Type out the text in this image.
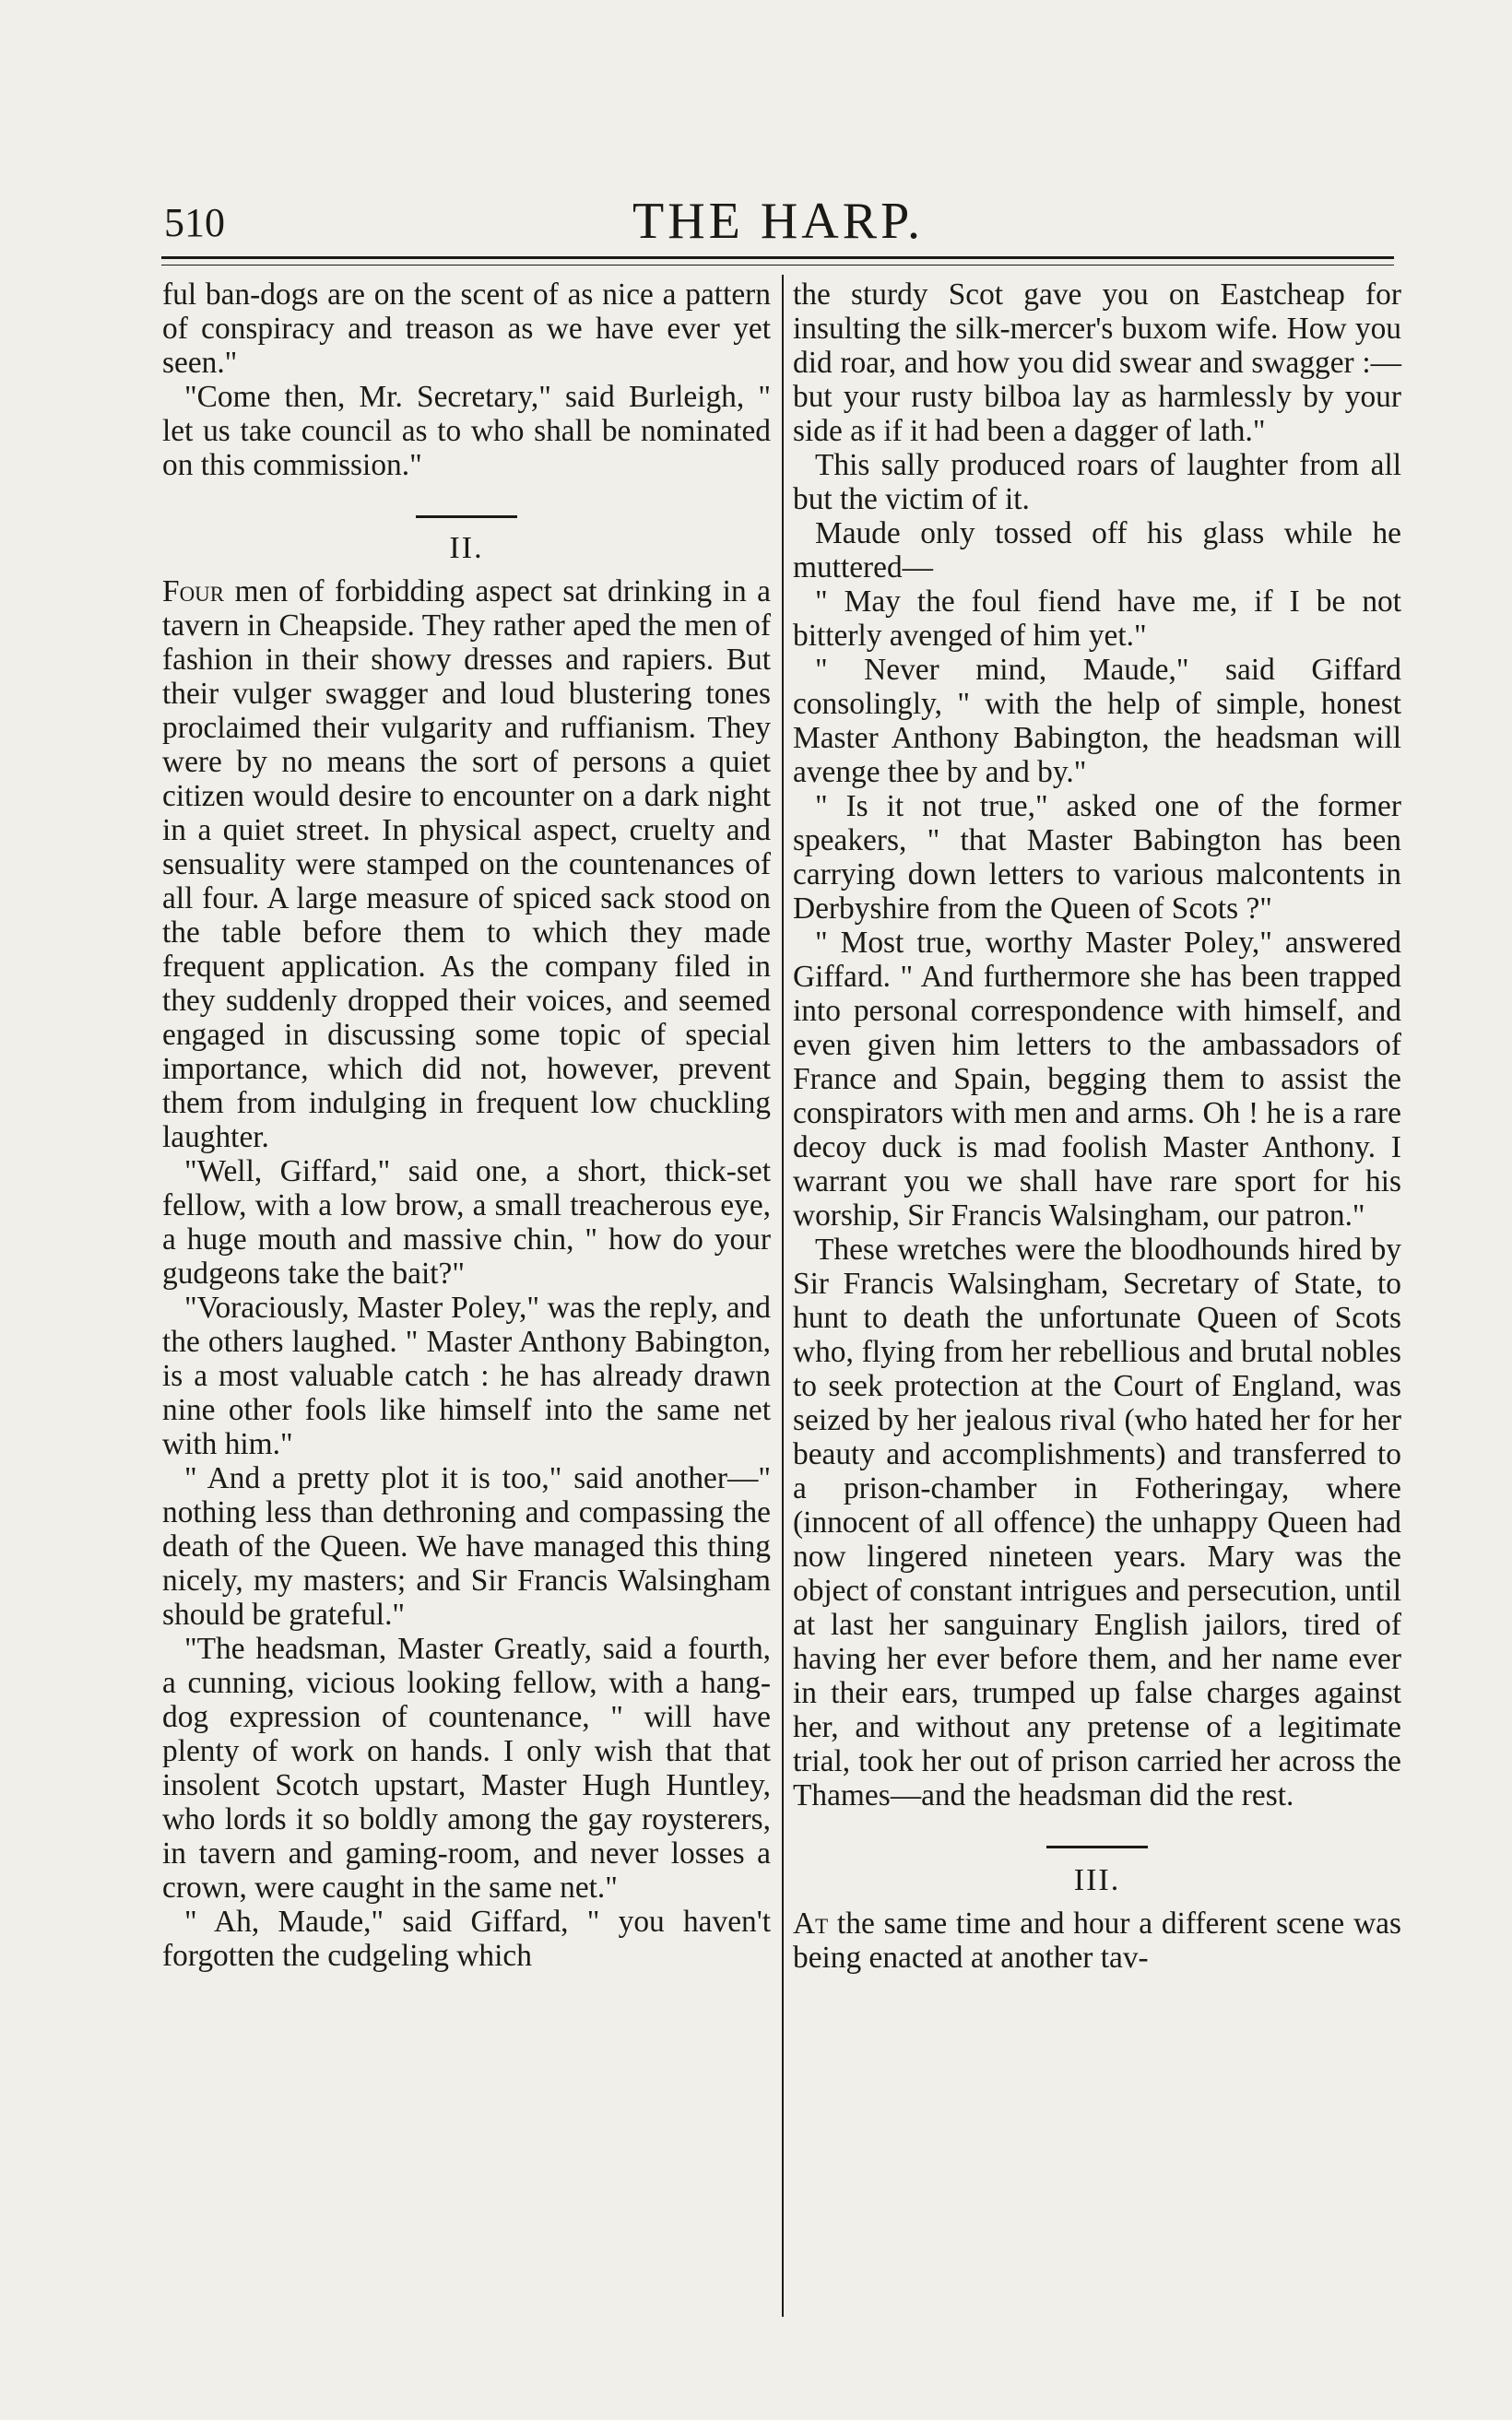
510	THE HARP.

ful ban-dogs are on the scent of as nice a pattern of conspiracy and treason as we have ever yet seen."

"Come then, Mr. Secretary," said Burleigh, " let us take council as to who shall be nominated on this commission."

II.

Four men of forbidding aspect sat drinking in a tavern in Cheapside. They rather aped the men of fashion in their showy dresses and rapiers. But their vulger swagger and loud blustering tones proclaimed their vulgarity and ruffianism. They were by no means the sort of persons a quiet citizen would desire to encounter on a dark night in a quiet street. In physical aspect, cruelty and sensuality were stamped on the countenances of all four. A large measure of spiced sack stood on the table before them to which they made frequent application. As the company filed in they suddenly dropped their voices, and seemed engaged in discussing some topic of special importance, which did not, however, prevent them from indulging in frequent low chuckling laughter.

"Well, Giffard," said one, a short, thick-set fellow, with a low brow, a small treacherous eye, a huge mouth and massive chin, " how do your gudgeons take the bait?"

"Voraciously, Master Poley," was the reply, and the others laughed. " Master Anthony Babington, is a most valuable catch : he has already drawn nine other fools like himself into the same net with him."

" And a pretty plot it is too," said another—" nothing less than dethroning and compassing the death of the Queen. We have managed this thing nicely, my masters; and Sir Francis Walsingham should be grateful."

"The headsman, Master Greatly, said a fourth, a cunning, vicious looking fellow, with a hang-dog expression of countenance, " will have plenty of work on hands. I only wish that that insolent Scotch upstart, Master Hugh Huntley, who lords it so boldly among the gay roysterers, in tavern and gaming-room, and never losses a crown, were caught in the same net."

" Ah, Maude," said Giffard, " you haven't forgotten the cudgeling which

the sturdy Scot gave you on Eastcheap for insulting the silk-mercer's buxom wife. How you did roar, and how you did swear and swagger :—but your rusty bilboa lay as harmlessly by your side as if it had been a dagger of lath."

This sally produced roars of laughter from all but the victim of it.

Maude only tossed off his glass while he muttered—

" May the foul fiend have me, if I be not bitterly avenged of him yet."

" Never mind, Maude," said Giffard consolingly, " with the help of simple, honest Master Anthony Babington, the headsman will avenge thee by and by."

" Is it not true," asked one of the former speakers, " that Master Babington has been carrying down letters to various malcontents in Derbyshire from the Queen of Scots ?"

" Most true, worthy Master Poley," answered Giffard. " And furthermore she has been trapped into personal correspondence with himself, and even given him letters to the ambassadors of France and Spain, begging them to assist the conspirators with men and arms. Oh ! he is a rare decoy duck is mad foolish Master Anthony. I warrant you we shall have rare sport for his worship, Sir Francis Walsingham, our patron."

These wretches were the bloodhounds hired by Sir Francis Walsingham, Secretary of State, to hunt to death the unfortunate Queen of Scots who, flying from her rebellious and brutal nobles to seek protection at the Court of England, was seized by her jealous rival (who hated her for her beauty and accomplishments) and transferred to a prison-chamber in Fotheringay, where (innocent of all offence) the unhappy Queen had now lingered nineteen years. Mary was the object of constant intrigues and persecution, until at last her sanguinary English jailors, tired of having her ever before them, and her name ever in their ears, trumped up false charges against her, and without any pretense of a legitimate trial, took her out of prison carried her across the Thames—and the headsman did the rest.

III.

At the same time and hour a different scene was being enacted at another tav-
